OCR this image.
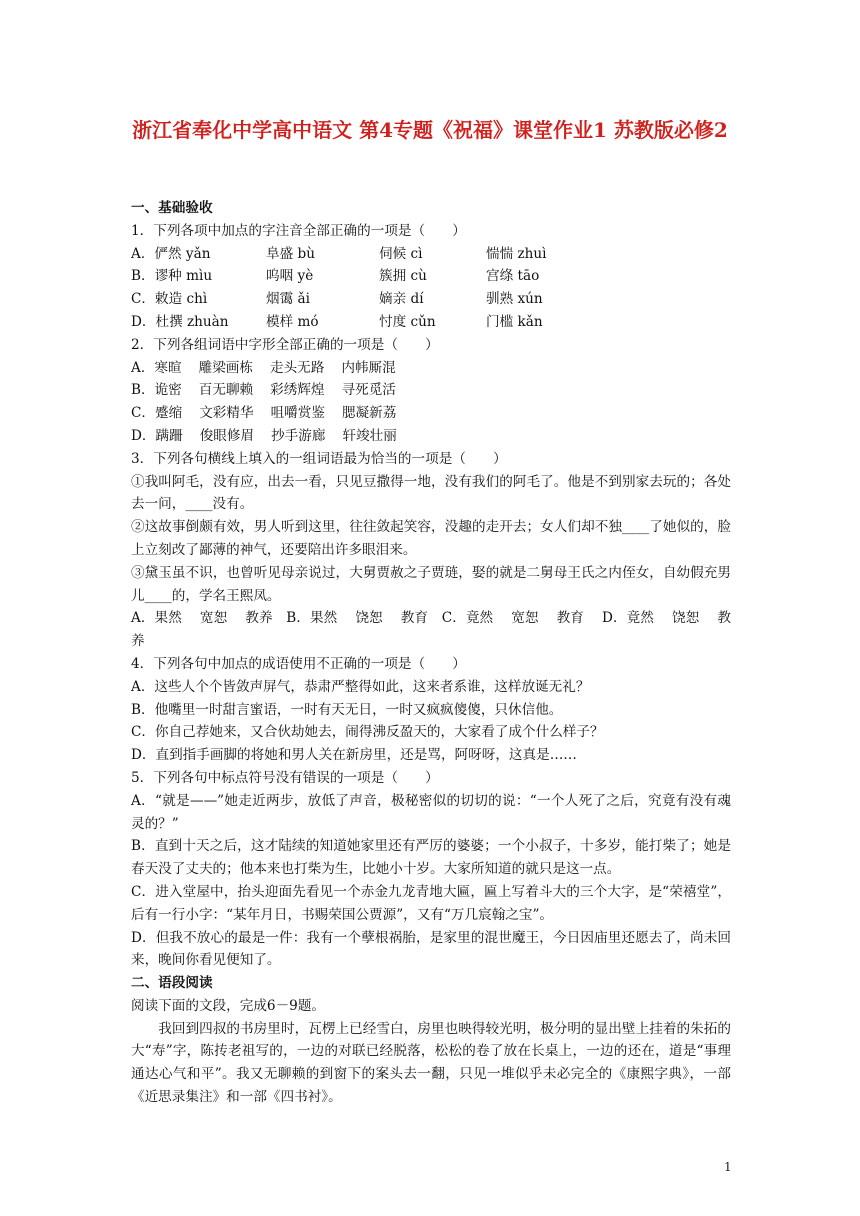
浙江省奉化中学高中语文 第4专题《祝福》课堂作业1 苏教版必修2
一、基础验收
1．下列各项中加点的字注音全部正确的一项是（　　）
A．俨然 yǎn	阜盛 bù	伺候 cì	惴惴 zhuì
B．谬种 mìu	呜咽 yè	簇拥 cù	宫绦 tāo
C．敕造 chì	烟霭 ǎi	嫡亲 dí	驯熟 xún
D．杜撰 zhuàn	模样 mó	忖度 cǔn	门槛 kǎn
2．下列各组词语中字形全部正确的一项是（　　）
A．寒暄 雕梁画栋 走头无路 内帏厮混
B．诡密 百无聊赖 彩绣辉煌 寻死觅活
C．蹙缩 文彩精华 咀嚼赏鉴 腮凝新荔
D．蹒跚 俊眼修眉 抄手游廊 轩竣壮丽
3．下列各句横线上填入的一组词语最为恰当的一项是（　　）
①我叫阿毛，没有应，出去一看，只见豆撒得一地，没有我们的阿毛了。他是不到别家去玩的；各处去一问，____没有。
②这故事倒颇有效，男人听到这里，往往敛起笑容，没趣的走开去；女人们却不独____了她似的，脸上立刻改了鄙薄的神气，还要陪出许多眼泪来。
③黛玉虽不识，也曾听见母亲说过，大舅贾赦之子贾琏，娶的就是二舅母王氏之内侄女，自幼假充男儿____的，学名王熙凤。
A．果然　 宽恕　 教养　B．果然　 饶恕　 教育　C．竟然　 宽恕　 教育　 D．竟然　 饶恕　 教养
4．下列各句中加点的成语使用不正确的一项是（　　）
A．这些人个个皆敛声屏气，恭肃严整得如此，这来者系谁，这样放诞无礼？
B．他嘴里一时甜言蜜语，一时有天无日，一时又疯疯傻傻，只休信他。
C．你自己荐她来，又合伙劫她去，闹得沸反盈天的，大家看了成个什么样子？
D．直到指手画脚的将她和男人关在新房里，还是骂，阿呀呀，这真是……
5．下列各句中标点符号没有错误的一项是（　　）
A．“就是——”她走近两步，放低了声音，极秘密似的切切的说：“一个人死了之后，究竟有没有魂灵的？”
B．直到十天之后，这才陆续的知道她家里还有严厉的婆婆；一个小叔子，十多岁，能打柴了；她是春天没了丈夫的；他本来也打柴为生，比她小十岁。大家所知道的就只是这一点。
C．进入堂屋中，抬头迎面先看见一个赤金九龙青地大匾，匾上写着斗大的三个大字，是“荣禧堂”，后有一行小字：“某年月日，书赐荣国公贾源”，又有“万几宸翰之宝”。
D．但我不放心的最是一件：我有一个孽根祸胎，是家里的混世魔王，今日因庙里还愿去了，尚未回来，晚间你看见便知了。
二、语段阅读
阅读下面的文段，完成6－9题。
我回到四叔的书房里时，瓦楞上已经雪白，房里也映得较光明，极分明的显出壁上挂着的朱拓的大“寿”字，陈抟老祖写的，一边的对联已经脱落，松松的卷了放在长桌上，一边的还在，道是“事理通达心气和平”。我又无聊赖的到窗下的案头去一翻，只见一堆似乎未必完全的《康熙字典》，一部《近思录集注》和一部《四书衬》。
1
